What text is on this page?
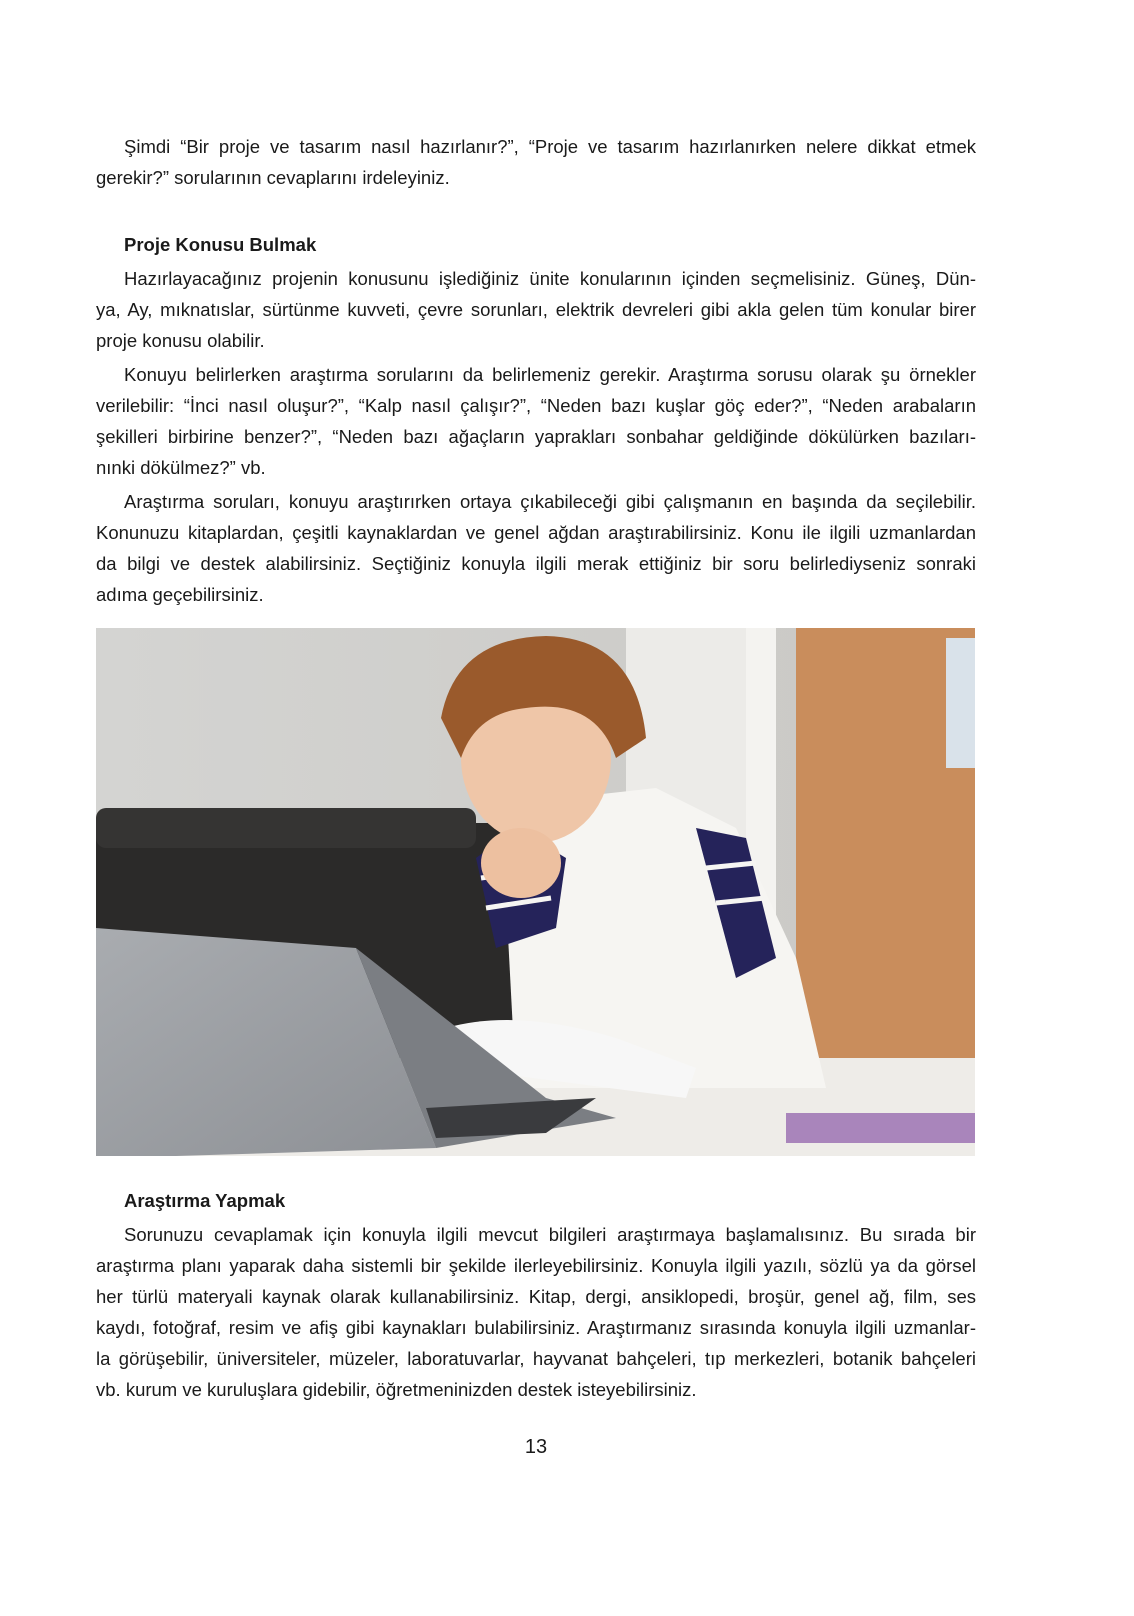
Şimdi “Bir proje ve tasarım nasıl hazırlanır?”, “Proje ve tasarım hazırlanırken nelere dikkat etmek
gerekir?” sorularının cevaplarını irdeleyiniz.
Proje Konusu Bulmak
Hazırlayacağınız projenin konusunu işlediğiniz ünite konularının içinden seçmelisiniz. Güneş, Dün-
ya, Ay, mıknatıslar, sürtünme kuvveti, çevre sorunları, elektrik devreleri gibi akla gelen tüm konular birer
proje konusu olabilir.
Konuyu belirlerken araştırma sorularını da belirlemeniz gerekir. Araştırma sorusu olarak şu örnekler
verilebilir: “İnci nasıl oluşur?”, “Kalp nasıl çalışır?”, “Neden bazı kuşlar göç eder?”, “Neden arabaların
şekilleri birbirine benzer?”, “Neden bazı ağaçların yaprakları sonbahar geldiğinde dökülürken bazıları-
nınki dökülmez?” vb.
Araştırma soruları, konuyu araştırırken ortaya çıkabileceği gibi çalışmanın en başında da seçilebilir.
Konunuzu kitaplardan, çeşitli kaynaklardan ve genel ağdan araştırabilirsiniz. Konu ile ilgili uzmanlardan
da bilgi ve destek alabilirsiniz. Seçtiğiniz konuyla ilgili merak ettiğiniz bir soru belirlediyseniz sonraki
adıma geçebilirsiniz.
Araştırma Yapmak
Sorunuzu cevaplamak için konuyla ilgili mevcut bilgileri araştırmaya başlamalısınız. Bu sırada bir
araştırma planı yaparak daha sistemli bir şekilde ilerleyebilirsiniz. Konuyla ilgili yazılı, sözlü ya da görsel
her türlü materyali kaynak olarak kullanabilirsiniz. Kitap, dergi, ansiklopedi, broşür, genel ağ, film, ses
kaydı, fotoğraf, resim ve afiş gibi kaynakları bulabilirsiniz. Araştırmanız sırasında konuyla ilgili uzmanlar-
la görüşebilir, üniversiteler, müzeler, laboratuvarlar, hayvanat bahçeleri, tıp merkezleri, botanik bahçeleri
vb. kurum ve kuruluşlara gidebilir, öğretmeninizden destek isteyebilirsiniz.
13
